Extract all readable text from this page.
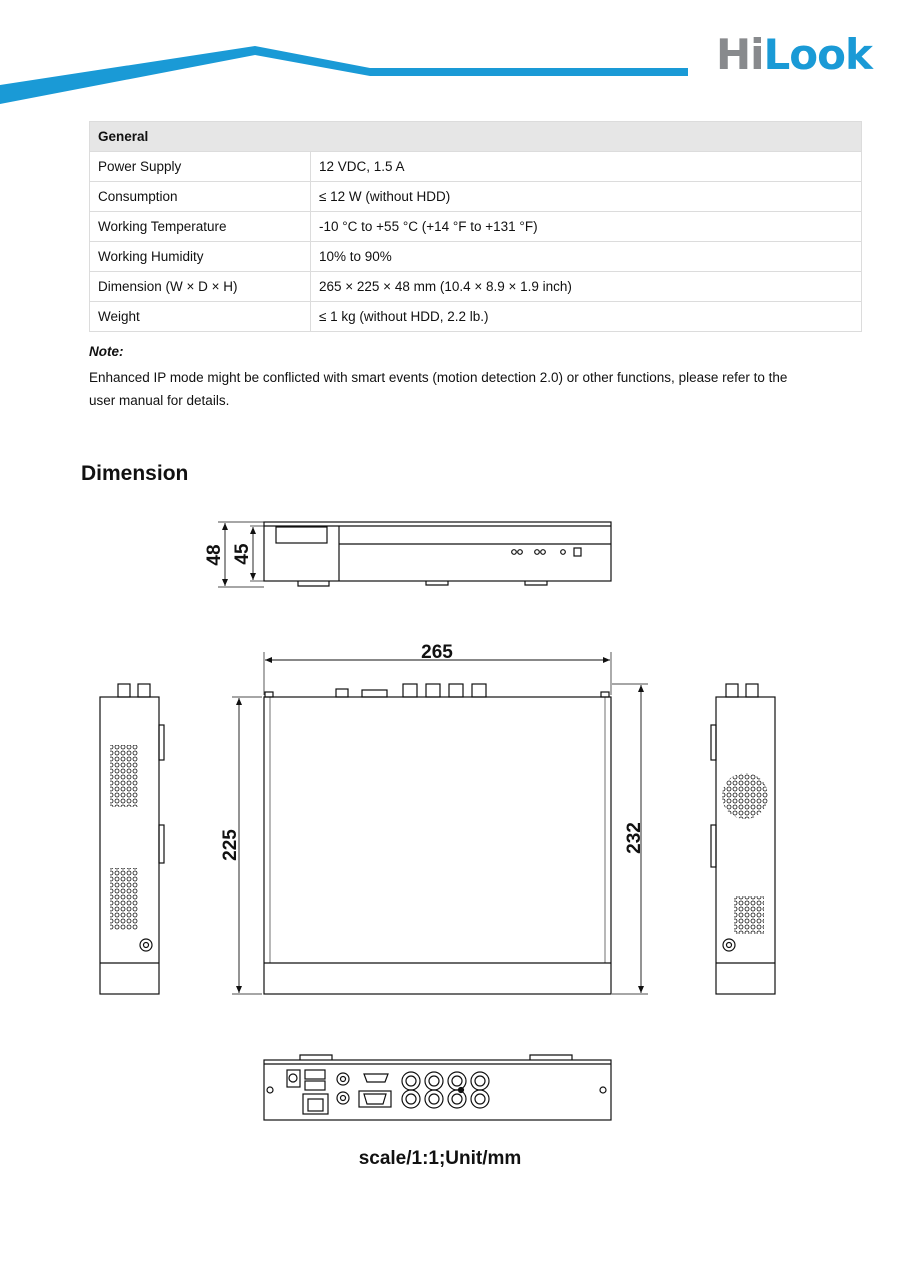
HiLook
General	
Power Supply	12 VDC, 1.5 A
Consumption	≤ 12 W (without HDD)
Working Temperature	-10 °C to +55 °C (+14 °F to +131 °F)
Working Humidity	10% to 90%
Dimension (W × D × H)	265 × 225 × 48 mm (10.4 × 8.9 × 1.9 inch)
Weight	≤ 1 kg (without HDD, 2.2 lb.)
Note:
Enhanced IP mode might be conflicted with smart events (motion detection 2.0) or other functions, please refer to the user manual for details.
Dimension
48 45
265
225	232
scale/1:1;Unit/mm
